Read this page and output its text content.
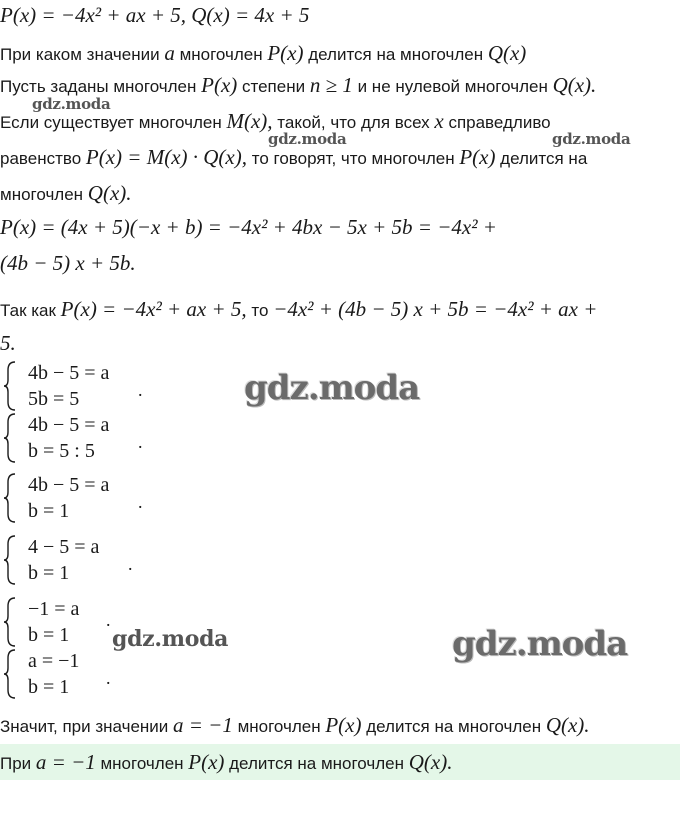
P(x) = −4x² + ax + 5, Q(x) = 4x + 5
При каком значении a многочлен P(x) делится на многочлен Q(x)
Пусть заданы многочлен P(x) степени n ≥ 1 и не нулевой многочлен Q(x).
Если существует многочлен M(x), такой, что для всех x справедливо
равенство P(x) = M(x) · Q(x), то говорят, что многочлен P(x) делится на
многочлен Q(x).
P(x) = (4x + 5)(−x + b) = −4x² + 4bx − 5x + 5b = −4x² +
(4b − 5) x + 5b.
Так как P(x) = −4x² + ax + 5, то −4x² + (4b − 5) x + 5b = −4x² + ax +
5.
4b − 5 = a
5b = 5	.
4b − 5 = a
b = 5 : 5 .
4b − 5 = a
b = 1	.
4 − 5 = a
b = 1	.
−1 = a
b = 1
.
a = −1
b = 1 .
Значит, при значении a = −1 многочлен P(x) делится на многочлен Q(x).
При a = −1 многочлен P(x) делится на многочлен Q(x).
gdz.moda
gdz.moda	gdz.moda
gdz.moda
gdz.moda	gdz.moda
